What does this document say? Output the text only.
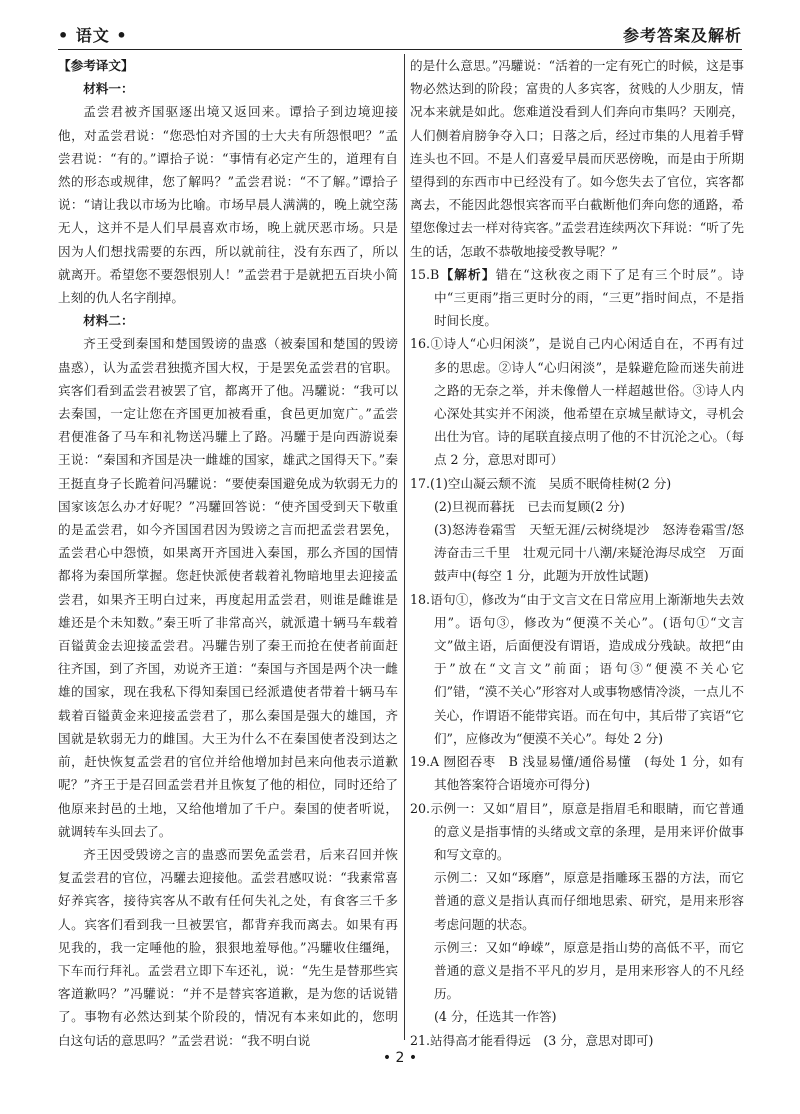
• 语文 •	参考答案及解析

【参考译文】

材料一：

孟尝君被齐国驱逐出境又返回来。谭拾子到边境迎接他，对孟尝君说：“您恐怕对齐国的士大夫有所怨恨吧？”孟尝君说：“有的。”谭拾子说：“事情有必定产生的，道理有自然的形态或规律，您了解吗？”孟尝君说：“不了解。”谭拾子说：“请让我以市场为比喻。市场早晨人满满的，晚上就空荡无人，这并不是人们早晨喜欢市场，晚上就厌恶市场。只是因为人们想找需要的东西，所以就前往，没有东西了，所以就离开。希望您不要怨恨别人！”孟尝君于是就把五百块小简上刻的仇人名字削掉。

材料二：

齐王受到秦国和楚国毁谤的蛊惑（被秦国和楚国的毁谤蛊惑），认为孟尝君独揽齐国大权，于是罢免孟尝君的官职。宾客们看到孟尝君被罢了官，都离开了他。冯驩说：“我可以去秦国，一定让您在齐国更加被看重，食邑更加宽广。”孟尝君便准备了马车和礼物送冯驩上了路。冯驩于是向西游说秦王说：“秦国和齐国是决一雌雄的国家，雄武之国得天下。”秦王挺直身子长跪着问冯驩说：“要使秦国避免成为软弱无力的国家该怎么办才好呢？”冯驩回答说：“使齐国受到天下敬重的是孟尝君，如今齐国国君因为毁谤之言而把孟尝君罢免，孟尝君心中怨愤，如果离开齐国进入秦国，那么齐国的国情都将为秦国所掌握。您赶快派使者载着礼物暗地里去迎接孟尝君，如果齐王明白过来，再度起用孟尝君，则谁是雌谁是雄还是个未知数。”秦王听了非常高兴，就派遣十辆马车载着百镒黄金去迎接孟尝君。冯驩告别了秦王而抢在使者前面赶往齐国，到了齐国，劝说齐王道：“秦国与齐国是两个决一雌雄的国家，现在我私下得知秦国已经派遣使者带着十辆马车载着百镒黄金来迎接孟尝君了，那么秦国是强大的雄国，齐国就是软弱无力的雌国。大王为什么不在秦国使者没到达之前，赶快恢复孟尝君的官位并给他增加封邑来向他表示道歉呢？”齐王于是召回孟尝君并且恢复了他的相位，同时还给了他原来封邑的土地，又给他增加了千户。秦国的使者听说，就调转车头回去了。

齐王因受毁谤之言的蛊惑而罢免孟尝君，后来召回并恢复孟尝君的官位，冯驩去迎接他。孟尝君感叹说：“我素常喜好养宾客，接待宾客从不敢有任何失礼之处，有食客三千多人。宾客们看到我一旦被罢官，都背弃我而离去。如果有再见我的，我一定唾他的脸，狠狠地羞辱他。”冯驩收住缰绳，下车而行拜礼。孟尝君立即下车还礼，说：“先生是替那些宾客道歉吗？”冯驩说：“并不是替宾客道歉，是为您的话说错了。事物有必然达到某个阶段的，情况有本来如此的，您明白这句话的意思吗？”孟尝君说：“我不明白说

的是什么意思。”冯驩说：“活着的一定有死亡的时候，这是事物必然达到的阶段；富贵的人多宾客，贫贱的人少朋友，情况本来就是如此。您难道没看到人们奔向市集吗？天刚亮，人们侧着肩膀争夺入口；日落之后，经过市集的人甩着手臂连头也不回。不是人们喜爱早晨而厌恶傍晚，而是由于所期望得到的东西市中已经没有了。如今您失去了官位，宾客都离去，不能因此怨恨宾客而平白截断他们奔向您的通路，希望您像过去一样对待宾客。”孟尝君连续两次下拜说：“听了先生的话，怎敢不恭敬地接受教导呢？”

15.B【解析】错在“这秋夜之雨下了足有三个时辰”。诗中“三更雨”指三更时分的雨，“三更”指时间点，不是指时间长度。

16.①诗人“心归闲淡”，是说自己内心闲适自在，不再有过多的思虑。②诗人“心归闲淡”，是躲避危险而迷失前进之路的无奈之举，并未像僧人一样超越世俗。③诗人内心深处其实并不闲淡，他希望在京城呈献诗文，寻机会出仕为官。诗的尾联直接点明了他的不甘沉沦之心。（每点 2 分，意思对即可）

17.(1)空山凝云颓不流　吴质不眠倚桂树(2 分)

(2)旦视而暮抚　已去而复顾(2 分)

(3)怒涛卷霜雪　天堑无涯/云树绕堤沙　怒涛卷霜雪/怒涛奋击三千里　壮观元同十八潮/来疑沧海尽成空　万面鼓声中(每空 1 分，此题为开放性试题)

18.语句①，修改为“由于文言文在日常应用上渐渐地失去效用”。语句③，修改为“便漠不关心”。(语句①“文言文”做主语，后面便没有谓语，造成成分残缺。故把“由于”放在“文言文”前面；语句③“便漠不关心它们”错，“漠不关心”形容对人或事物感情冷淡，一点儿不关心，作谓语不能带宾语。而在句中，其后带了宾语“它们”，应修改为“便漠不关心”。每处 2 分)

19.A 囫囵吞枣　B 浅显易懂/通俗易懂　(每处 1 分，如有其他答案符合语境亦可得分)

20.示例一：又如“眉目”，原意是指眉毛和眼睛，而它普通的意义是指事情的头绪或文章的条理，是用来评价做事和写文章的。

示例二：又如“琢磨”，原意是指雕琢玉器的方法，而它普通的意义是指认真而仔细地思索、研究，是用来形容考虑问题的状态。

示例三：又如“峥嵘”，原意是指山势的高低不平，而它普通的意义是指不平凡的岁月，是用来形容人的不凡经历。

(4 分，任选其一作答)

21.站得高才能看得远　(3 分，意思对即可)

• 2 •
